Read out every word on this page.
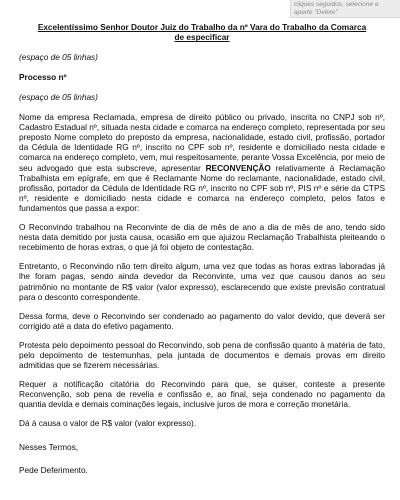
cliques seguidos, selecione e
aperte "Delete"
Excelentíssimo Senhor Doutor Juiz do Trabalho da nº Vara do Trabalho da Comarca
de especificar
(espaço de 05 linhas)
Processo nº
(espaço de 05 linhas)

Nome da empresa Reclamada, empresa de direito público ou privado, inscrita no CNPJ sob nº, Cadastro Estadual nº, situada nesta cidade e comarca na endereço completo, representada por seu preposto Nome completo do preposto da empresa, nacionalidade, estado civil, profissão, portador da Cédula de Identidade RG nº, inscrito no CPF sob nº, residente e domiciliado nesta cidade e comarca na endereço completo, vem, mui respeitosamente, perante Vossa Excelência, por meio de seu advogado que esta subscreve, apresentar RECONVENÇÃO relativamente à Reclamação Trabalhista em epígrafe, em que é Reclamante Nome do reclamante, nacionalidade, estado civil, profissão, portador da Cédula de Identidade RG nº, inscrito no CPF sob nº, PIS nº e série da CTPS nº, residente e domiciliado nesta cidade e comarca na endereço completo, pelos fatos e fundamentos que passa a expor:

O Reconvindo trabalhou na Reconvinte de dia de mês de ano a dia de mês de ano, tendo sido nesta data demitido por justa causa, ocasião em que ajuizou Reclamação Trabalhista pleiteando o recebimento de horas extras, o que já foi objeto de contestação.

Entretanto, o Reconvindo não tem direito algum, uma vez que todas as horas extras laboradas já lhe foram pagas, sendo ainda devedor da Reconvinte, uma vez que causou danos ao seu patrimônio no montante de R$ valor (valor expresso), esclarecendo que existe previsão contratual para o desconto correspondente.

Dessa forma, deve o Reconvindo ser condenado ao pagamento do valor devido, que deverá ser corrigido até a data do efetivo pagamento.

Protesta pelo depoimento pessoal do Reconvindo, sob pena de confissão quanto à matéria de fato, pelo depoimento de testemunhas, pela juntada de documentos e demais provas em direito admitidas que se fizerem necessárias.

Requer a notificação citatória do Reconvindo para que, se quiser, conteste a presente Reconvenção, sob pena de revelia e confissão e, ao final, seja condenado no pagamento da quantia devida e demais cominações legais, inclusive juros de mora e correção monetária.

Dá à causa o valor de R$ valor (valor expresso).

Nesses Termos,

Pede Deferimento.
